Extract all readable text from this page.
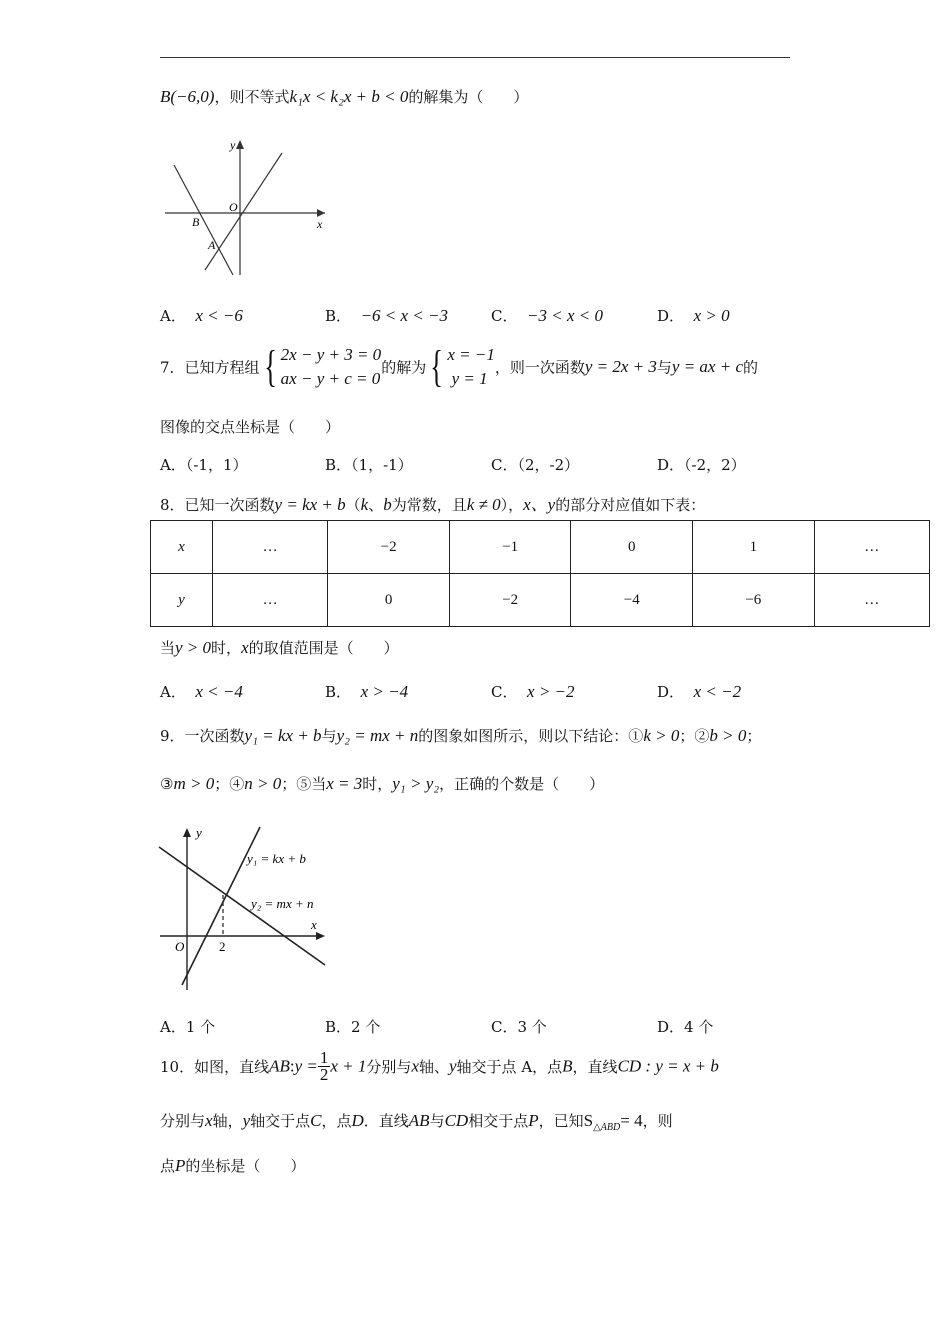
B(−6,0)，则不等式k₁x < k₂x + b < 0的解集为（　　）
y
x
O
B
A
A． x < −6	B． −6 < x < −3	C． −3 < x < 0	D． x > 0
7．已知方程组{ 2x − y + 3 = 0
ax − y + c = 0的解为{ x = −1
y = 1，则一次函数y = 2x + 3与y = ax + c的
图像的交点坐标是（　　）
A．（-1，1）	B．（1，-1）	C．（2，-2）	D．（-2，2）
8．已知一次函数y = kx + b（k、b为常数，且k ≠ 0），x、y的部分对应值如下表：
x	…	−2	−1	0	1	…
y	…	0	−2	−4	−6	…
当y > 0时，x的取值范围是（　　）
A． x < −4	B． x > −4	C． x > −2	D． x < −2
9．一次函数y₁ = kx + b与y₂ = mx + n的图象如图所示，则以下结论：①k > 0；②b > 0；
③m > 0；④n > 0；⑤当x = 3时，y₁ > y₂，正确的个数是（　　）
y
x
O	2
y₁ = kx + b
y₂ = mx + n
A．1 个	B．2 个	C．3 个	D．4 个
10．如图，直线AB:y = $\frac{1}{2}$ x + 1分别与x轴、y轴交于点 A，点B，直线CD : y = x + b
分别与x轴，y轴交于点C，点D．直线AB与CD相交于点P，已知$S_{\triangle ABD}= 4$，则
点P的坐标是（　　）
